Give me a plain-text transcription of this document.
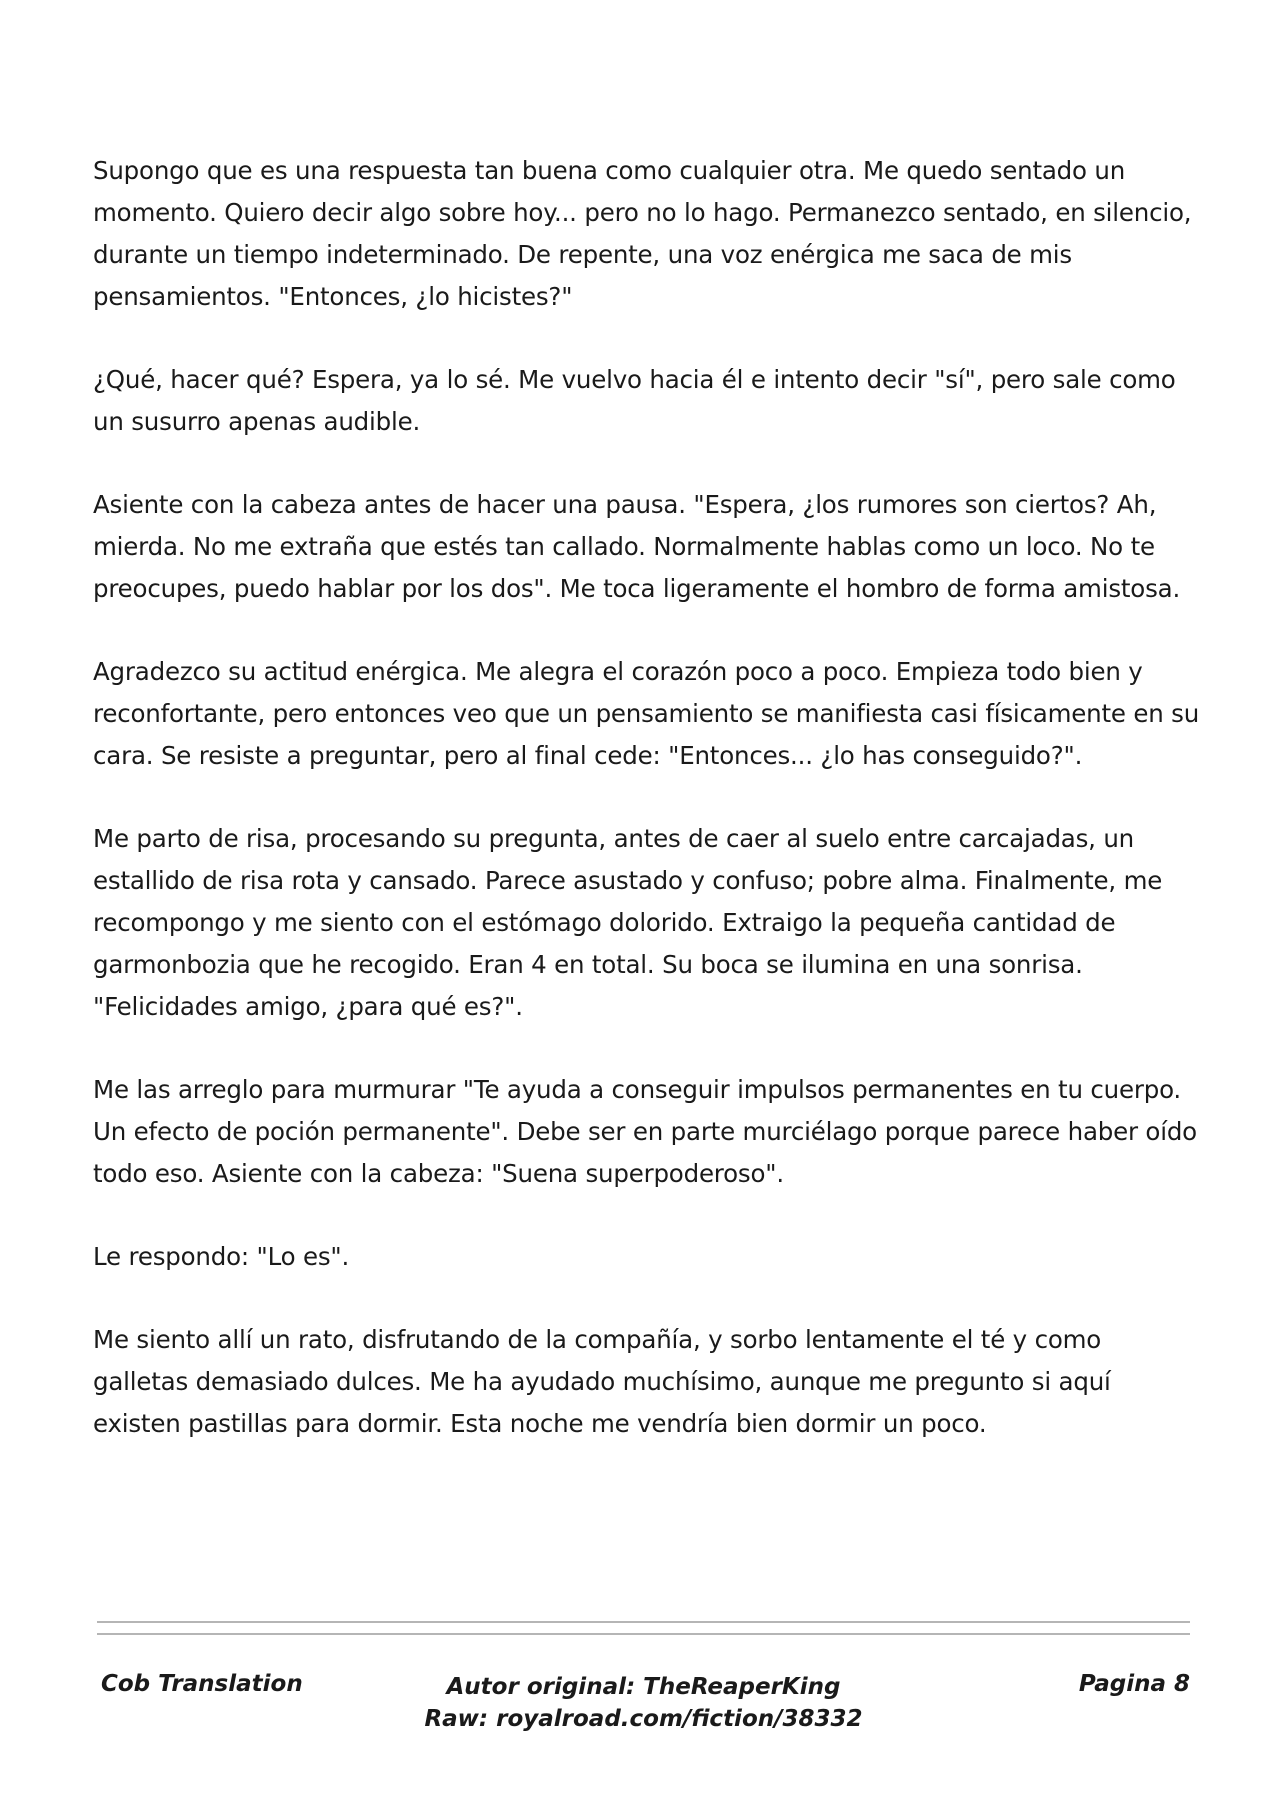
Supongo que es una respuesta tan buena como cualquier otra. Me quedo sentado un momento. Quiero decir algo sobre hoy... pero no lo hago. Permanezco sentado, en silencio, durante un tiempo indeterminado. De repente, una voz enérgica me saca de mis pensamientos. "Entonces, ¿lo hicistes?"

¿Qué, hacer qué? Espera, ya lo sé. Me vuelvo hacia él e intento decir "sí", pero sale como un susurro apenas audible.

Asiente con la cabeza antes de hacer una pausa. "Espera, ¿los rumores son ciertos? Ah, mierda. No me extraña que estés tan callado. Normalmente hablas como un loco. No te preocupes, puedo hablar por los dos". Me toca ligeramente el hombro de forma amistosa.

Agradezco su actitud enérgica. Me alegra el corazón poco a poco. Empieza todo bien y reconfortante, pero entonces veo que un pensamiento se manifiesta casi físicamente en su cara. Se resiste a preguntar, pero al final cede: "Entonces... ¿lo has conseguido?".

Me parto de risa, procesando su pregunta, antes de caer al suelo entre carcajadas, un estallido de risa rota y cansado. Parece asustado y confuso; pobre alma. Finalmente, me recompongo y me siento con el estómago dolorido. Extraigo la pequeña cantidad de garmonbozia que he recogido. Eran 4 en total. Su boca se ilumina en una sonrisa. "Felicidades amigo, ¿para qué es?".

Me las arreglo para murmurar "Te ayuda a conseguir impulsos permanentes en tu cuerpo. Un efecto de poción permanente". Debe ser en parte murciélago porque parece haber oído todo eso. Asiente con la cabeza: "Suena superpoderoso".

Le respondo: "Lo es".

Me siento allí un rato, disfrutando de la compañía, y sorbo lentamente el té y como galletas demasiado dulces. Me ha ayudado muchísimo, aunque me pregunto si aquí existen pastillas para dormir. Esta noche me vendría bien dormir un poco.

Cob Translation	Autor original: TheReaperKing
Raw: royalroad.com/fiction/38332
Pagina 8
